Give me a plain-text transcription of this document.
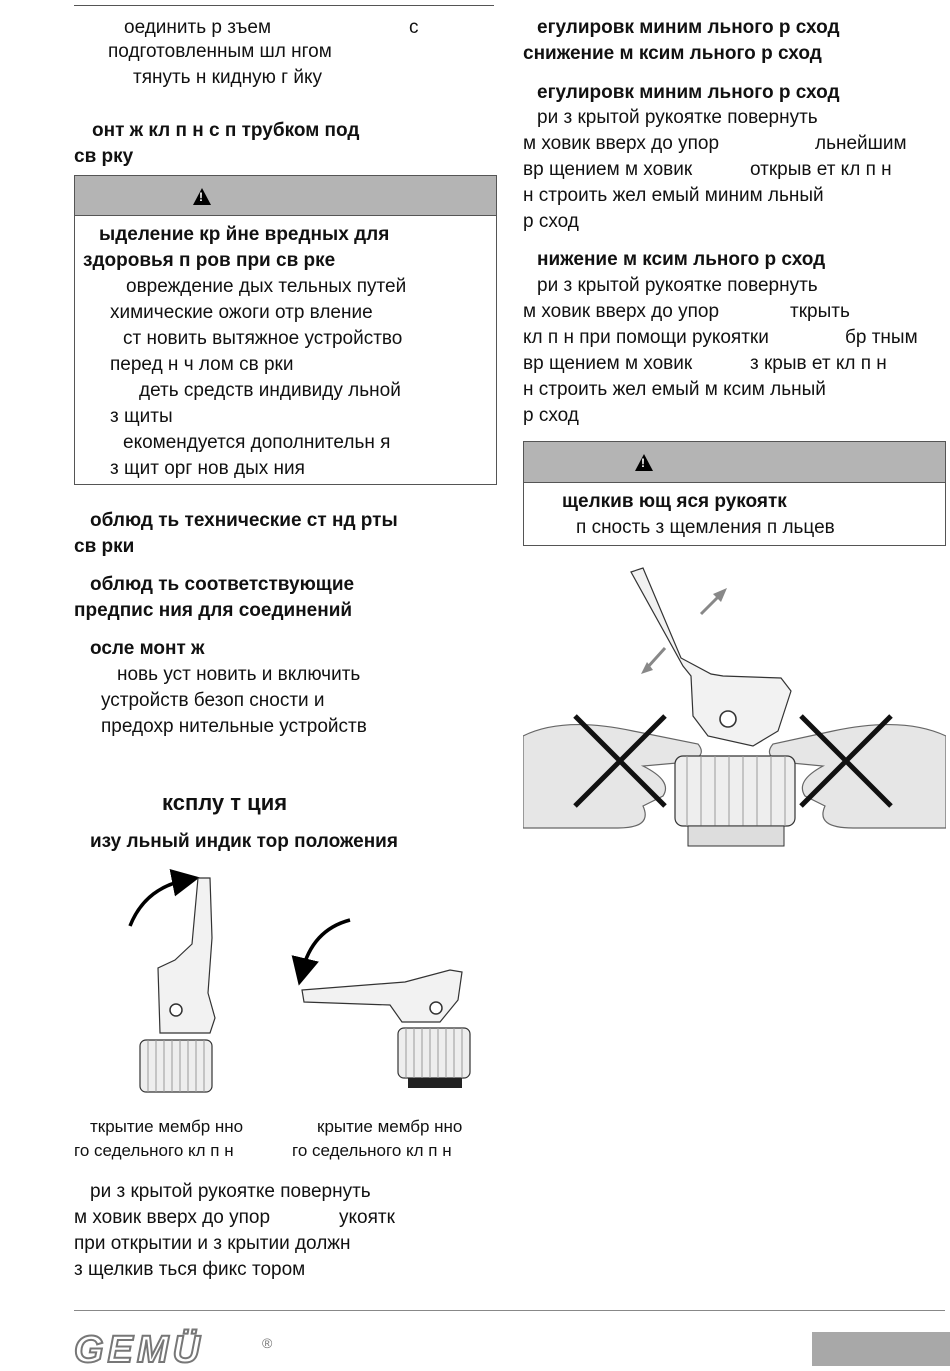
оединить р зъем	с
подготовленным шл нгом
тянуть н кидную г йку
онт ж кл п н с п трубком под
св рку
!
ыделение кр йне вредных для
здоровья п ров при св рке
овреждение дых тельных путей
химические ожоги отр вление
ст новить вытяжное устройство
перед н ч лом св рки
деть средств индивиду льной
з щиты
екомендуется дополнительн я
з щит орг нов дых ния
облюд ть технические ст нд рты
св рки
облюд ть соответствующие
предпис ния для соединений
осле монт ж
новь уст новить и включить
устройств безоп сности и
предохр нительные устройств
ксплу т ция
изу льный индик тор положения
ткрытие мембр нно
го седельного кл п н
крытие мембр нно
го седельного кл п н
ри з крытой рукоятке повернуть
м ховик вверх до упор	укоятк
при открытии и з крытии должн
з щелкив ться фикс тором
егулировк миним льного р сход
снижение м ксим льного р сход
егулировк миним льного р сход
ри з крытой рукоятке повернуть
м ховик вверх до упор	льнейшим
вр щением м ховик	открыв ет кл п н
н строить жел емый миним льный
р сход
нижение м ксим льного р сход
ри з крытой рукоятке повернуть
м ховик вверх до упор	ткрыть
кл п н при помощи рукоятки	бр тным
вр щением м ховик	з крыв ет кл п н
н строить жел емый м ксим льный
р сход
!
щелкив ющ яся рукоятк
п сность з щемления п льцев
GEMÜ	®
